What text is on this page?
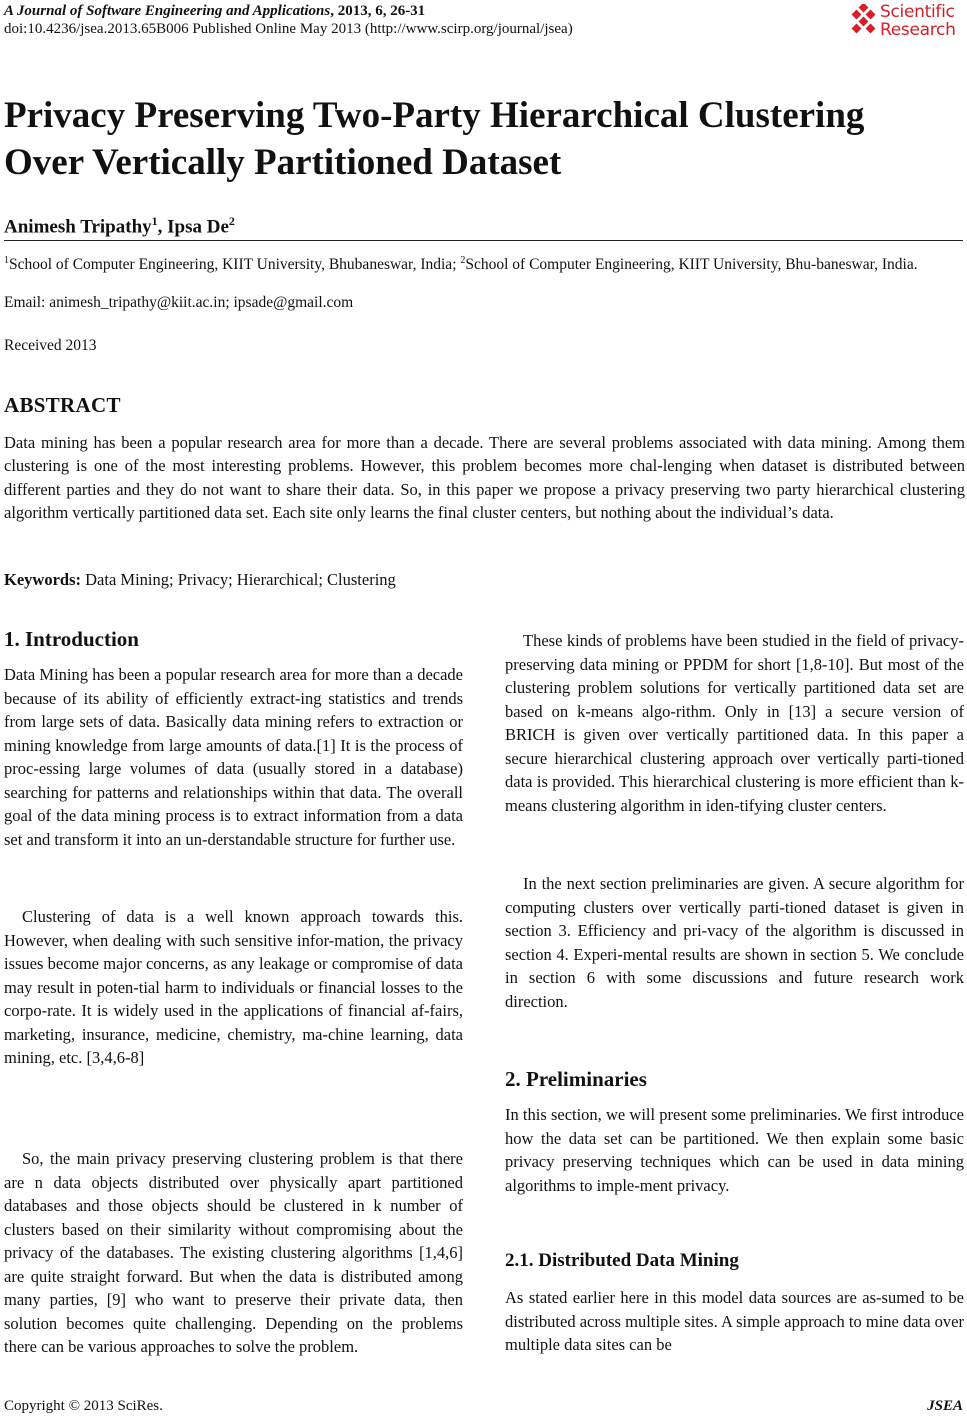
A Journal of Software Engineering and Applications, 2013, 6, 26-31
doi:10.4236/jsea.2013.65B006 Published Online May 2013 (http://www.scirp.org/journal/jsea)
Scientific
Research
Privacy Preserving Two-Party Hierarchical Clustering
Over Vertically Partitioned Dataset
Animesh Tripathy$^1$, Ipsa De$^2$
$^1$School of Computer Engineering, KIIT University, Bhubaneswar, India; $^2$School of Computer Engineering, KIIT University, Bhu-baneswar, India.
Email: animesh_tripathy@kiit.ac.in; ipsade@gmail.com
Received 2013
ABSTRACT

Data mining has been a popular research area for more than a decade. There are several problems associated with data mining. Among them clustering is one of the most interesting problems. However, this problem becomes more chal-lenging when dataset is distributed between different parties and they do not want to share their data. So, in this paper we propose a privacy preserving two party hierarchical clustering algorithm vertically partitioned data set. Each site only learns the final cluster centers, but nothing about the individual’s data.

Keywords: Data Mining; Privacy; Hierarchical; Clustering
1. Introduction

Data Mining has been a popular research area for more than a decade because of its ability of efficiently extract-ing statistics and trends from large sets of data. Basically data mining refers to extraction or mining knowledge from large amounts of data.[1] It is the process of proc-essing large volumes of data (usually stored in a database) searching for patterns and relationships within that data. The overall goal of the data mining process is to extract information from a data set and transform it into an un-derstandable structure for further use.

Clustering of data is a well known approach towards this. However, when dealing with such sensitive infor-mation, the privacy issues become major concerns, as any leakage or compromise of data may result in poten-tial harm to individuals or financial losses to the corpo-rate. It is widely used in the applications of financial af-fairs, marketing, insurance, medicine, chemistry, ma-chine learning, data mining, etc. [3,4,6-8]

So, the main privacy preserving clustering problem is that there are n data objects distributed over physically apart partitioned databases and those objects should be clustered in k number of clusters based on their similarity without compromising about the privacy of the databases. The existing clustering algorithms [1,4,6] are quite straight forward. But when the data is distributed among many parties, [9] who want to preserve their private data, then solution becomes quite challenging. Depending on the problems there can be various approaches to solve the problem.

These kinds of problems have been studied in the field of privacy-preserving data mining or PPDM for short [1,8-10]. But most of the clustering problem solutions for vertically partitioned data set are based on k-means algo-rithm. Only in [13] a secure version of BRICH is given over vertically partitioned data. In this paper a secure hierarchical clustering approach over vertically parti-tioned data is provided. This hierarchical clustering is more efficient than k-means clustering algorithm in iden-tifying cluster centers.

In the next section preliminaries are given. A secure algorithm for computing clusters over vertically parti-tioned dataset is given in section 3. Efficiency and pri-vacy of the algorithm is discussed in section 4. Experi-mental results are shown in section 5. We conclude in section 6 with some discussions and future research work direction.

2. Preliminaries

In this section, we will present some preliminaries. We first introduce how the data set can be partitioned. We then explain some basic privacy preserving techniques which can be used in data mining algorithms to imple-ment privacy.

2.1. Distributed Data Mining

As stated earlier here in this model data sources are as-sumed to be distributed across multiple sites. A simple approach to mine data over multiple data sites can be

Copyright © 2013 SciRes.	JSEA
